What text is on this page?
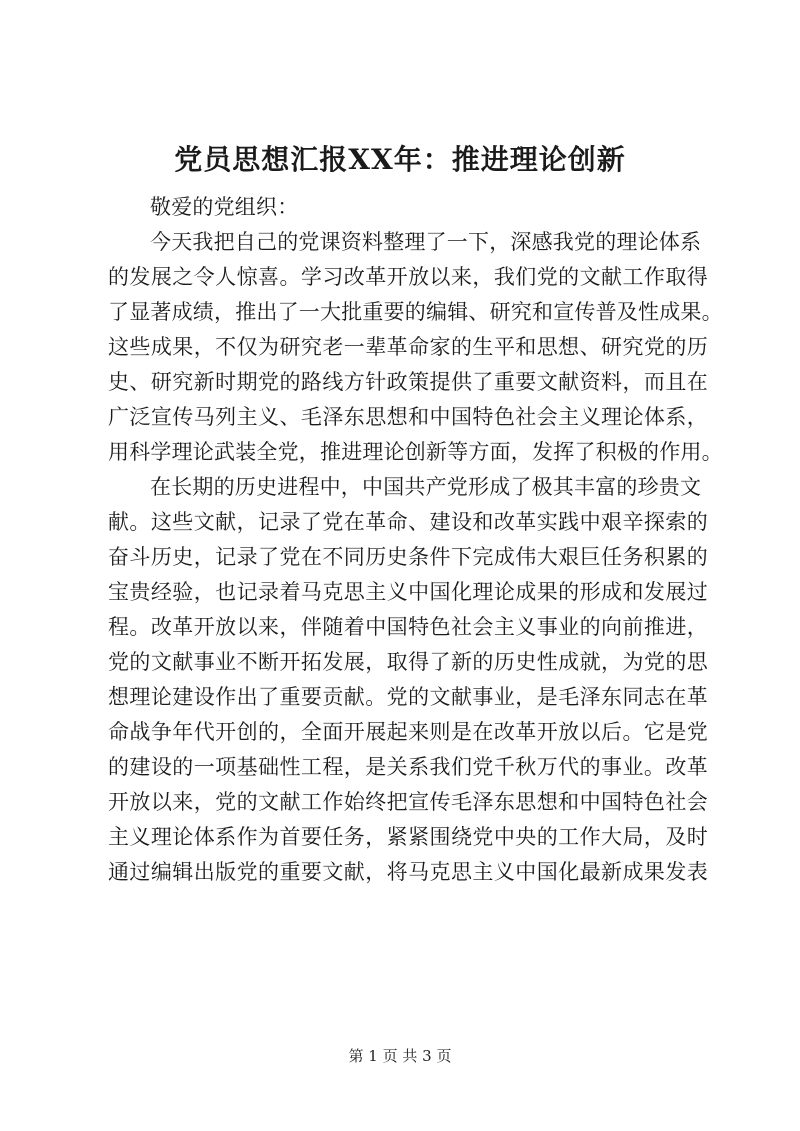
党员思想汇报XX年：推进理论创新
敬爱的党组织：
今天我把自己的党课资料整理了一下，深感我党的理论体系
的发展之令人惊喜。学习改革开放以来，我们党的文献工作取得
了显著成绩，推出了一大批重要的编辑、研究和宣传普及性成果。
这些成果，不仅为研究老一辈革命家的生平和思想、研究党的历
史、研究新时期党的路线方针政策提供了重要文献资料，而且在
广泛宣传马列主义、毛泽东思想和中国特色社会主义理论体系，
用科学理论武装全党，推进理论创新等方面，发挥了积极的作用。
在长期的历史进程中，中国共产党形成了极其丰富的珍贵文
献。这些文献，记录了党在革命、建设和改革实践中艰辛探索的
奋斗历史，记录了党在不同历史条件下完成伟大艰巨任务积累的
宝贵经验，也记录着马克思主义中国化理论成果的形成和发展过
程。改革开放以来，伴随着中国特色社会主义事业的向前推进，
党的文献事业不断开拓发展，取得了新的历史性成就，为党的思
想理论建设作出了重要贡献。党的文献事业，是毛泽东同志在革
命战争年代开创的，全面开展起来则是在改革开放以后。它是党
的建设的一项基础性工程，是关系我们党千秋万代的事业。改革
开放以来，党的文献工作始终把宣传毛泽东思想和中国特色社会
主义理论体系作为首要任务，紧紧围绕党中央的工作大局，及时
通过编辑出版党的重要文献，将马克思主义中国化最新成果发表
第 1 页 共 3 页
